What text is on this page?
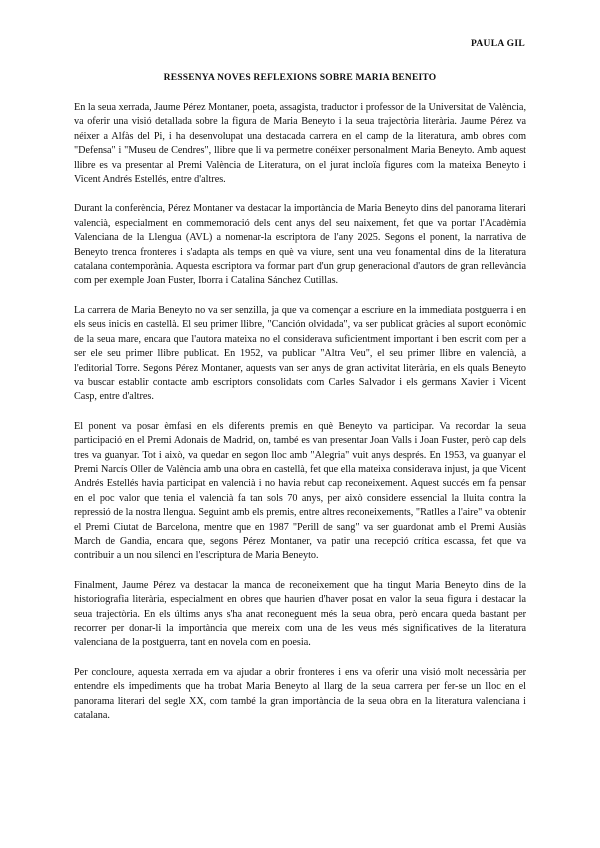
PAULA GIL
RESSENYA NOVES REFLEXIONS SOBRE MARIA BENEITO

En la seua xerrada, Jaume Pérez Montaner, poeta, assagista, traductor i professor de la Universitat de València, va oferir una visió detallada sobre la figura de Maria Beneyto i la seua trajectòria literària. Jaume Pérez va néixer a Alfàs del Pi, i ha desenvolupat una destacada carrera en el camp de la literatura, amb obres com "Defensa" i "Museu de Cendres", llibre que li va permetre conéixer personalment Maria Beneyto. Amb aquest llibre es va presentar al Premi València de Literatura, on el jurat incloïa figures com la mateixa Beneyto i Vicent Andrés Estellés, entre d'altres.

Durant la conferència, Pérez Montaner va destacar la importància de Maria Beneyto dins del panorama literari valencià, especialment en commemoració dels cent anys del seu naixement, fet que va portar l'Acadèmia Valenciana de la Llengua (AVL) a nomenar-la escriptora de l'any 2025. Segons el ponent, la narrativa de Beneyto trenca fronteres i s'adapta als temps en què va viure, sent una veu fonamental dins de la literatura catalana contemporània. Aquesta escriptora va formar part d'un grup generacional d'autors de gran rellevància com per exemple Joan Fuster, Iborra i Catalina Sánchez Cutillas.

La carrera de Maria Beneyto no va ser senzilla, ja que va començar a escriure en la immediata postguerra i en els seus inicis en castellà. El seu primer llibre, "Canción olvidada", va ser publicat gràcies al suport econòmic de la seua mare, encara que l'autora mateixa no el considerava suficientment important i ben escrit com per a ser ele seu primer llibre publicat. En 1952, va publicar "Altra Veu", el seu primer llibre en valencià, a l'editorial Torre. Segons Pérez Montaner, aquests van ser anys de gran activitat literària, en els quals Beneyto va buscar establir contacte amb escriptors consolidats com Carles Salvador i els germans Xavier i Vicent Casp, entre d'altres.

El ponent va posar èmfasi en els diferents premis en què Beneyto va participar. Va recordar la seua participació en el Premi Adonais de Madrid, on, també es van presentar Joan Valls i Joan Fuster, però cap dels tres va guanyar. Tot i això, va quedar en segon lloc amb "Alegria" vuit anys després. En 1953, va guanyar el Premi Narcís Oller de València amb una obra en castellà, fet que ella mateixa considerava injust, ja que Vicent Andrés Estellés havia participat en valencià i no havia rebut cap reconeixement. Aquest succés em fa pensar en el poc valor que tenia el valencià fa tan sols 70 anys, per això considere essencial la lluita contra la repressió de la nostra llengua. Seguint amb els premis, entre altres reconeixements, "Ratlles a l'aire" va obtenir el Premi Ciutat de Barcelona, mentre que en 1987 "Perill de sang" va ser guardonat amb el Premi Ausiàs March de Gandia, encara que, segons Pérez Montaner, va patir una recepció crítica escassa, fet que va contribuir a un nou silenci en l'escriptura de Maria Beneyto.

Finalment, Jaume Pérez va destacar la manca de reconeixement que ha tingut Maria Beneyto dins de la historiografia literària, especialment en obres que haurien d'haver posat en valor la seua figura i destacar la seua trajectòria. En els últims anys s'ha anat reconeguent més la seua obra, però encara queda bastant per recorrer per donar-li la importància que mereix com una de les veus més significatives de la literatura valenciana de la postguerra, tant en novela com en poesia.

Per concloure, aquesta xerrada em va ajudar a obrir fronteres i ens va oferir una visió molt necessària per entendre els impediments que ha trobat Maria Beneyto al llarg de la seua carrera per fer-se un lloc en el panorama literari del segle XX, com també la gran importància de la seua obra en la literatura valenciana i catalana.
